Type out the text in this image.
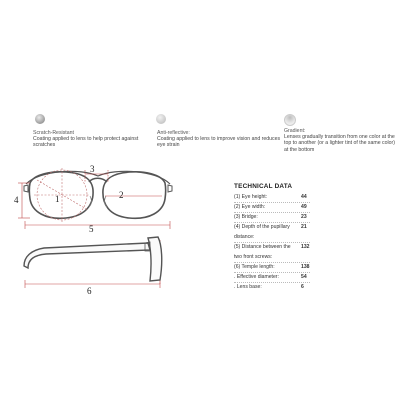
Scratch-Resistant
Coating applied to lens to help protect against scratches
Anti-reflective:
Coating applied to lens to improve vision and reduces eye strain
Gradient:
Lenses gradually transition from one color at the top to another (or a lighter tint of the same color) at the bottom
1	2
3
4
5
6
TECHNICAL DATA
(1) Eye height:	44
(2) Eye width:	49
(3) Bridge:	23
(4) Depth of the pupillary 21
distance:
(5) Distance between the 132
two front screws:
(6) Temple length:	138
. Effective diameter:	54
. Lens base:	6
